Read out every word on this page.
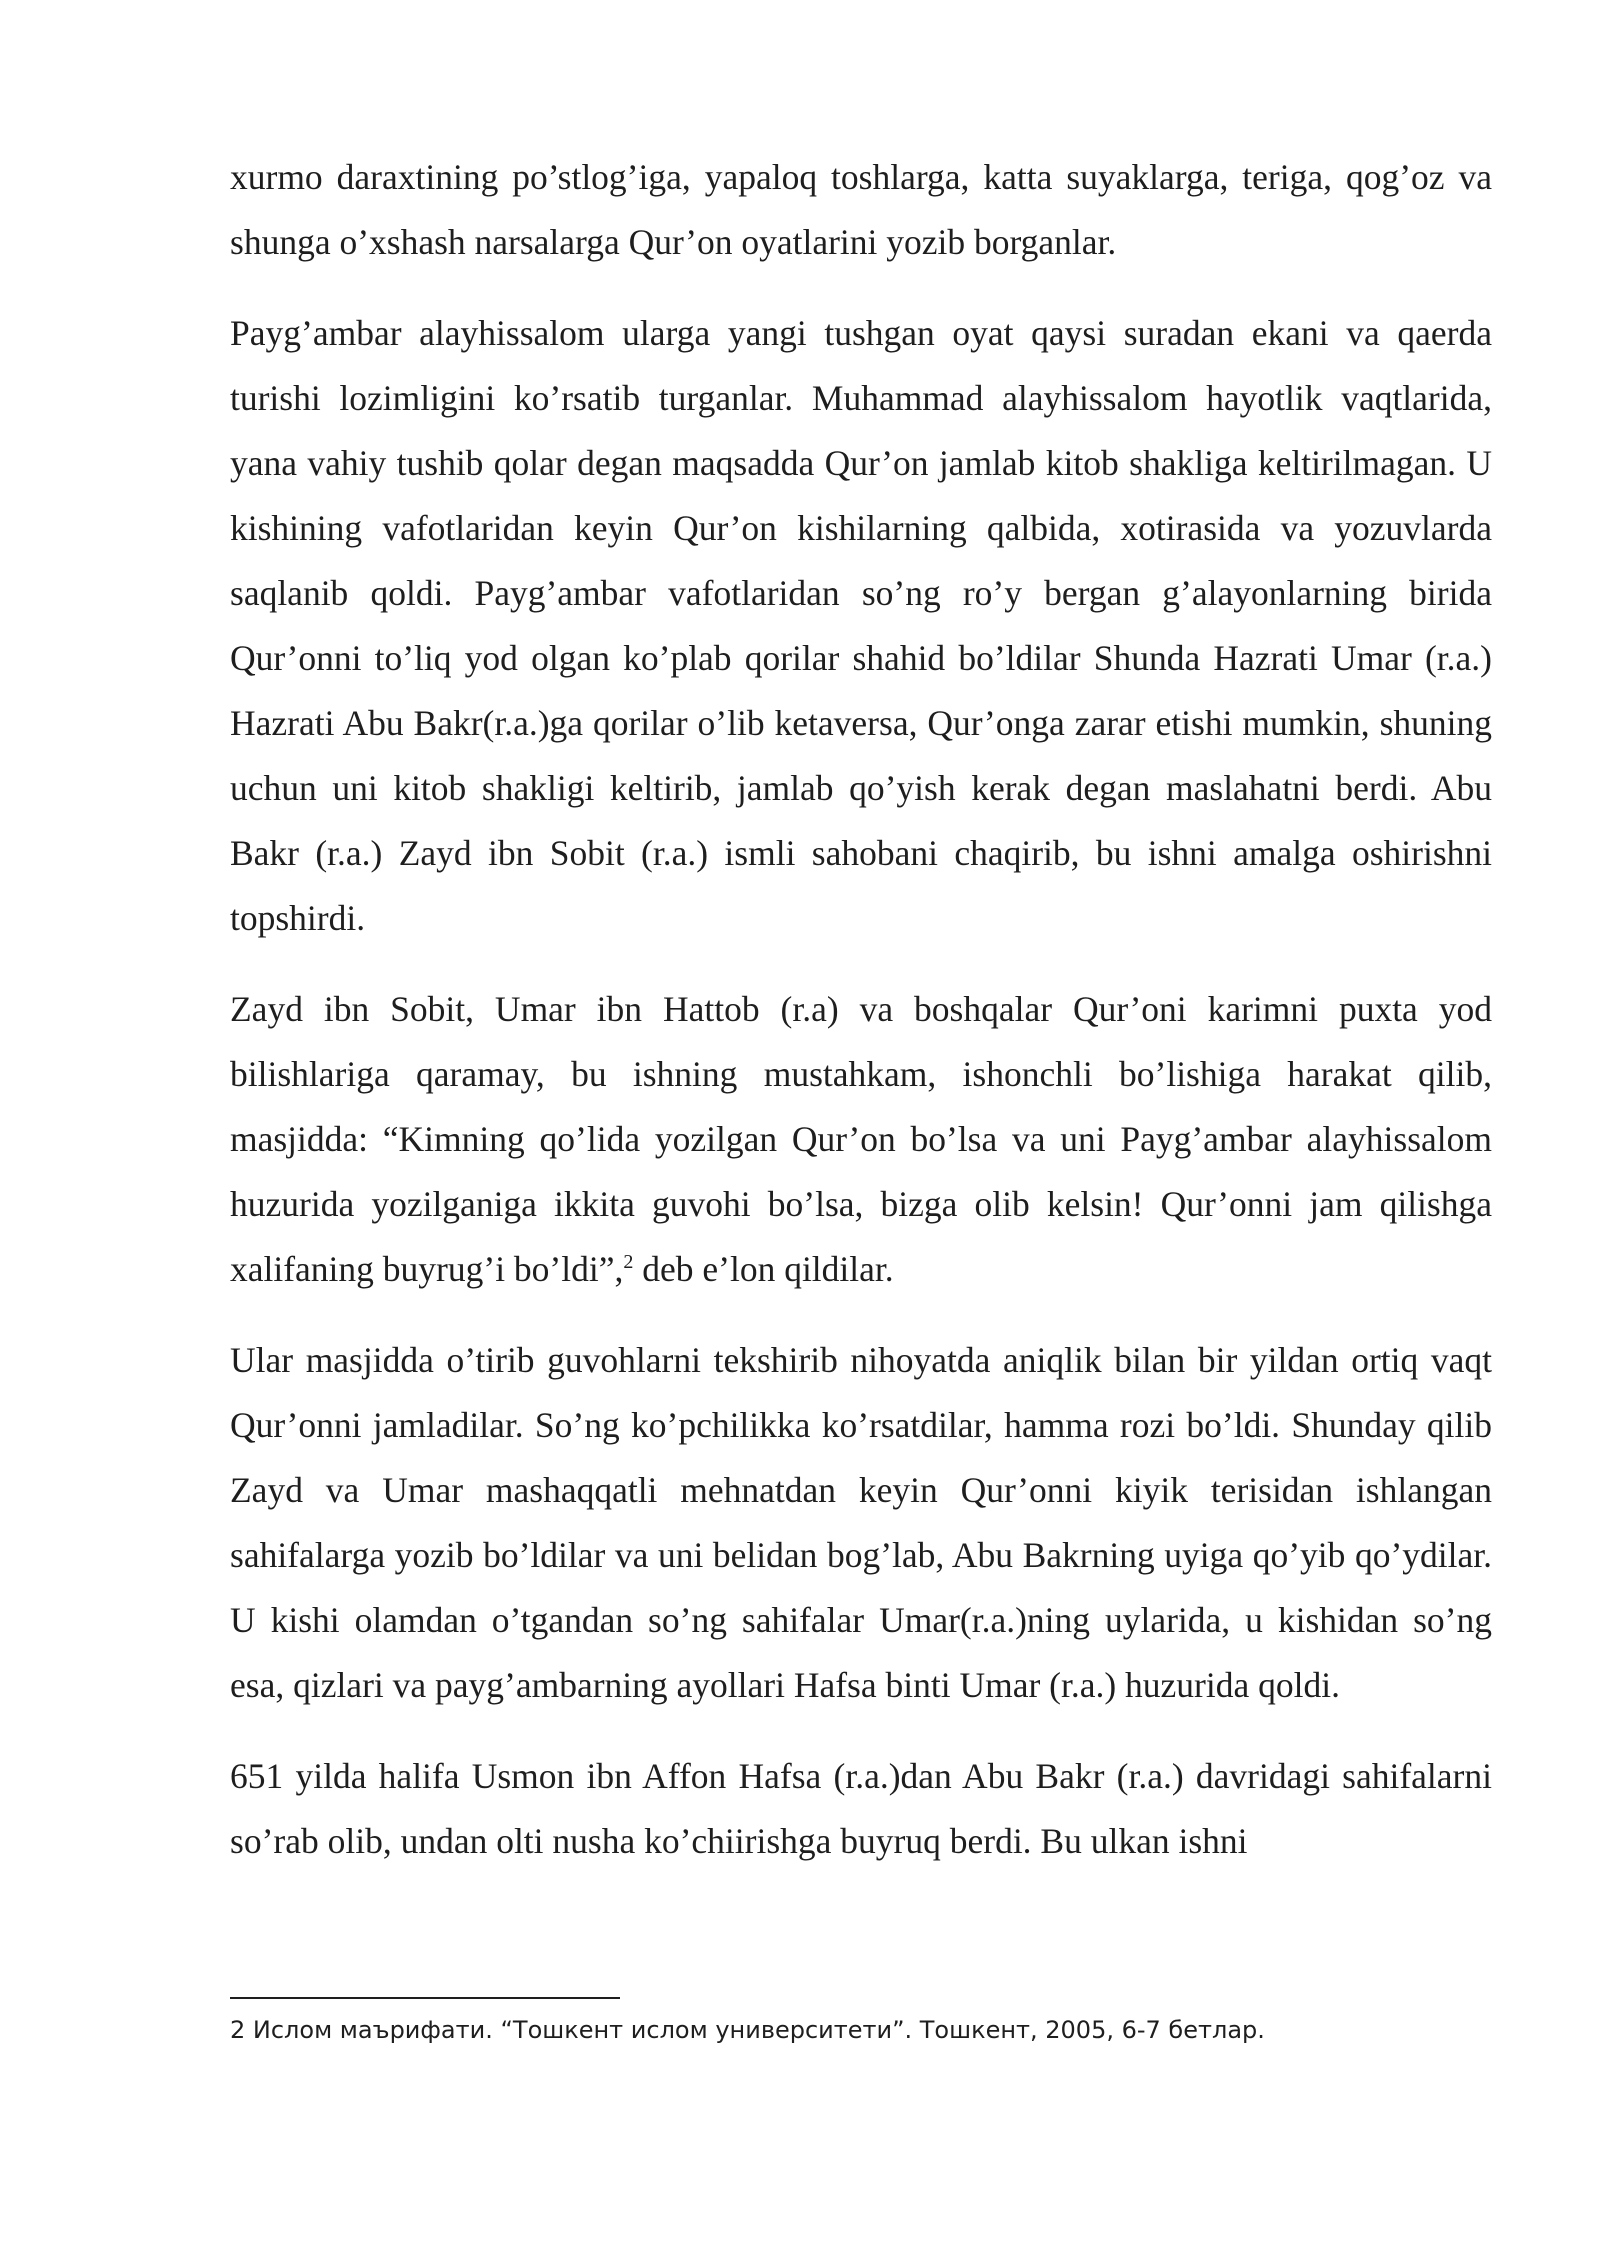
xurmo daraxtining po’stlog’iga, yapaloq toshlarga, katta suyaklarga, teriga, qog’oz va shunga o’xshash narsalarga Qur’on oyatlarini yozib borganlar.

Payg’ambar alayhissalom ularga yangi tushgan oyat qaysi suradan ekani va qaerda turishi lozimligini ko’rsatib turganlar. Muhammad alayhissalom hayotlik vaqtlarida, yana vahiy tushib qolar degan maqsadda Qur’on jamlab kitob shakliga keltirilmagan. U kishining vafotlaridan keyin Qur’on kishilarning qalbida, xotirasida va yozuvlarda saqlanib qoldi. Payg’ambar vafotlaridan so’ng ro’y bergan g’alayonlarning birida Qur’onni to’liq yod olgan ko’plab qorilar shahid bo’ldilar Shunda Hazrati Umar (r.a.) Hazrati Abu Bakr(r.a.)ga qorilar o’lib ketaversa, Qur’onga zarar etishi mumkin, shuning uchun uni kitob shakligi keltirib, jamlab qo’yish kerak degan maslahatni berdi. Abu Bakr (r.a.) Zayd ibn Sobit (r.a.) ismli sahobani chaqirib, bu ishni amalga oshirishni topshirdi.

Zayd ibn Sobit, Umar ibn Hattob (r.a) va boshqalar Qur’oni karimni puxta yod bilishlariga qaramay, bu ishning mustahkam, ishonchli bo’lishiga harakat qilib, masjidda: “Kimning qo’lida yozilgan Qur’on bo’lsa va uni Payg’ambar alayhissalom huzurida yozilganiga ikkita guvohi bo’lsa, bizga olib kelsin! Qur’onni jam qilishga xalifaning buyrug’i bo’ldi”,$^2$ deb e’lon qildilar.

Ular masjidda o’tirib guvohlarni tekshirib nihoyatda aniqlik bilan bir yildan ortiq vaqt Qur’onni jamladilar. So’ng ko’pchilikka ko’rsatdilar, hamma rozi bo’ldi. Shunday qilib Zayd va Umar mashaqqatli mehnatdan keyin Qur’onni kiyik terisidan ishlangan sahifalarga yozib bo’ldilar va uni belidan bog’lab, Abu Bakrning uyiga qo’yib qo’ydilar. U kishi olamdan o’tgandan so’ng sahifalar Umar(r.a.)ning uylarida, u kishidan so’ng esa, qizlari va payg’ambarning ayollari Hafsa binti Umar (r.a.) huzurida qoldi.

651 yilda halifa Usmon ibn Affon Hafsa (r.a.)dan Abu Bakr (r.a.) davridagi sahifalarni so’rab olib, undan olti nusha ko’chiirishga buyruq berdi. Bu ulkan ishni

2 Ислом маърифати. “Тошкент ислом университети”. Тошкент, 2005, 6-7 бетлар.
